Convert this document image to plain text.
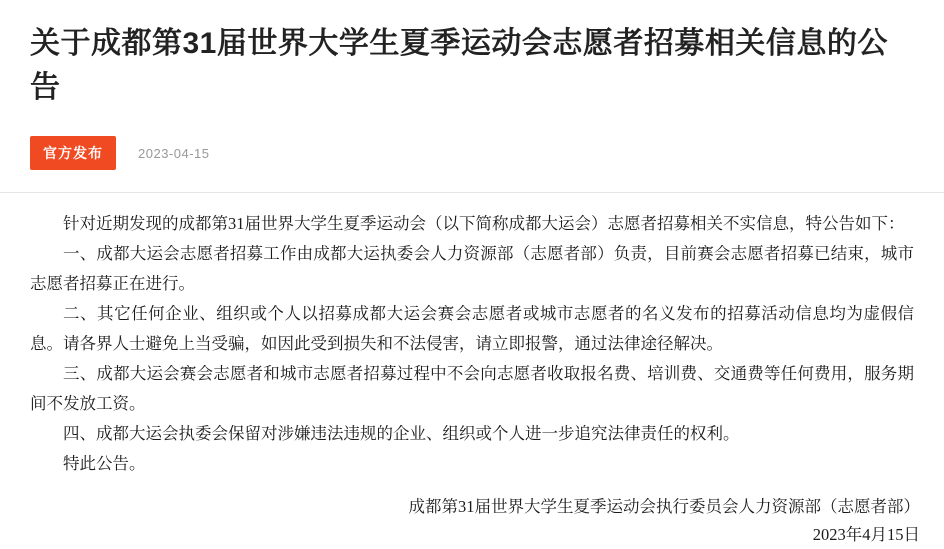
关于成都第31届世界大学生夏季运动会志愿者招募相关信息的公告
官方发布	2023-04-15

针对近期发现的成都第31届世界大学生夏季运动会（以下简称成都大运会）志愿者招募相关不实信息，特公告如下：

一、成都大运会志愿者招募工作由成都大运执委会人力资源部（志愿者部）负责，目前赛会志愿者招募已结束，城市志愿者招募正在进行。

二、其它任何企业、组织或个人以招募成都大运会赛会志愿者或城市志愿者的名义发布的招募活动信息均为虚假信息。请各界人士避免上当受骗，如因此受到损失和不法侵害，请立即报警，通过法律途径解决。

三、成都大运会赛会志愿者和城市志愿者招募过程中不会向志愿者收取报名费、培训费、交通费等任何费用，服务期间不发放工资。

四、成都大运会执委会保留对涉嫌违法违规的企业、组织或个人进一步追究法律责任的权利。

特此公告。

成都第31届世界大学生夏季运动会执行委员会人力资源部（志愿者部）
2023年4月15日
